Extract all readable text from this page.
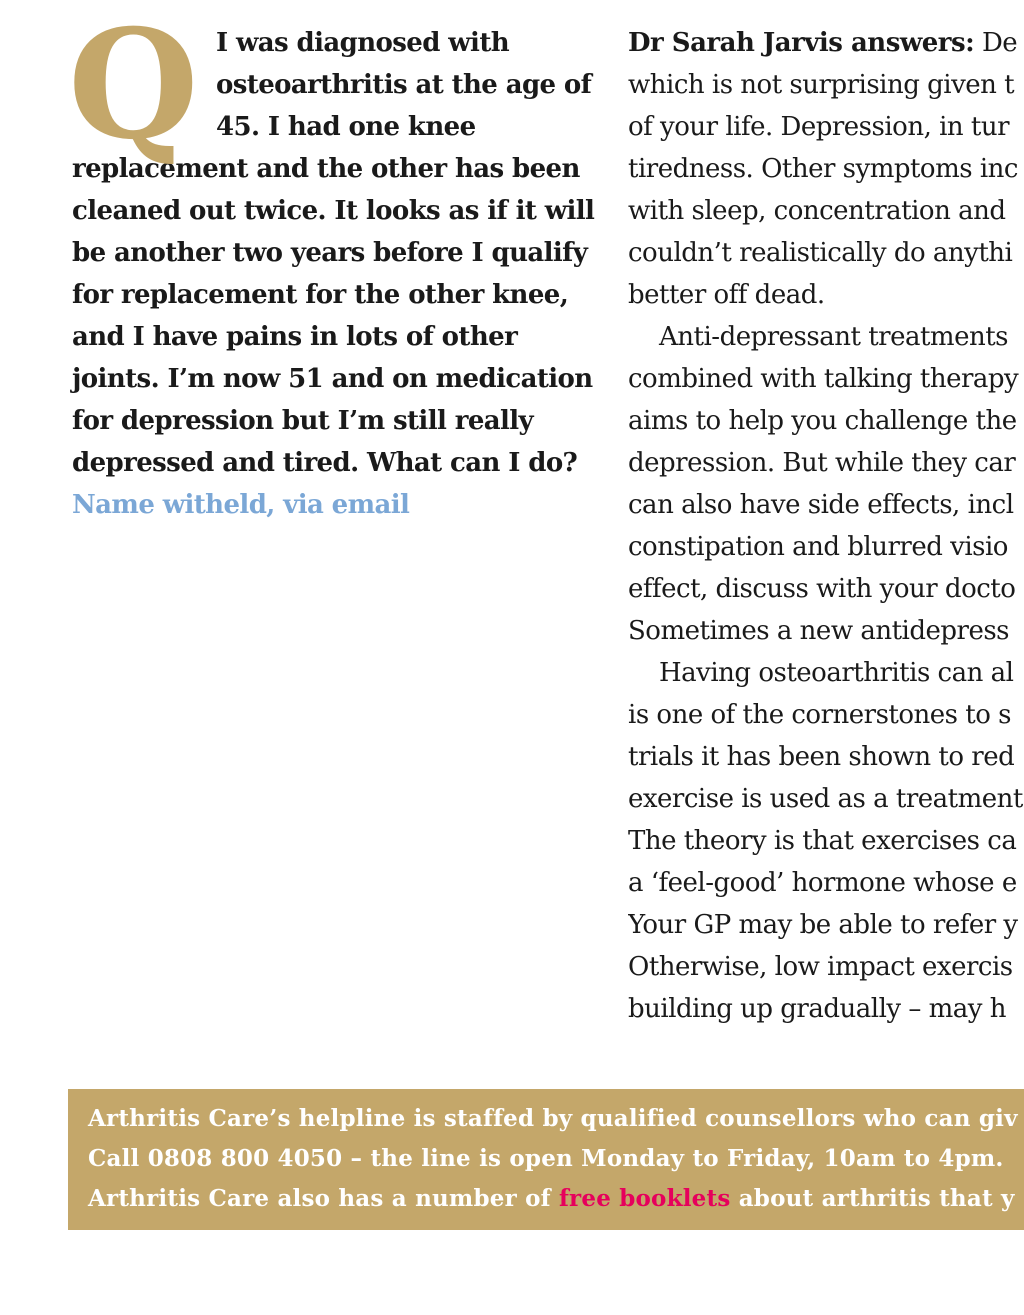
Q I was diagnosed with
osteoarthritis at the age of
45. I had one knee
replacement and the other has been
cleaned out twice. It looks as if it will
be another two years before I qualify
for replacement for the other knee,
and I have pains in lots of other
joints. I’m now 51 and on medication
for depression but I’m still really
depressed and tired. What can I do?
Name witheld, via email
Dr Sarah Jarvis answers: De
which is not surprising given t
of your life. Depression, in tur
tiredness. Other symptoms inc
with sleep, concentration and
couldn’t realistically do anythi
better off dead.
Anti-depressant treatments
combined with talking therapy
aims to help you challenge the
depression. But while they car
can also have side effects, incl
constipation and blurred visio
effect, discuss with your docto
Sometimes a new antidepress
Having osteoarthritis can al
is one of the cornerstones to s
trials it has been shown to red
exercise is used as a treatment
The theory is that exercises ca
a ‘feel-good’ hormone whose e
Your GP may be able to refer y
Otherwise, low impact exercis
building up gradually – may h
Arthritis Care’s helpline is staffed by qualified counsellors who can giv
Call 0808 800 4050 – the line is open Monday to Friday, 10am to 4pm.
Arthritis Care also has a number of free booklets about arthritis that y
